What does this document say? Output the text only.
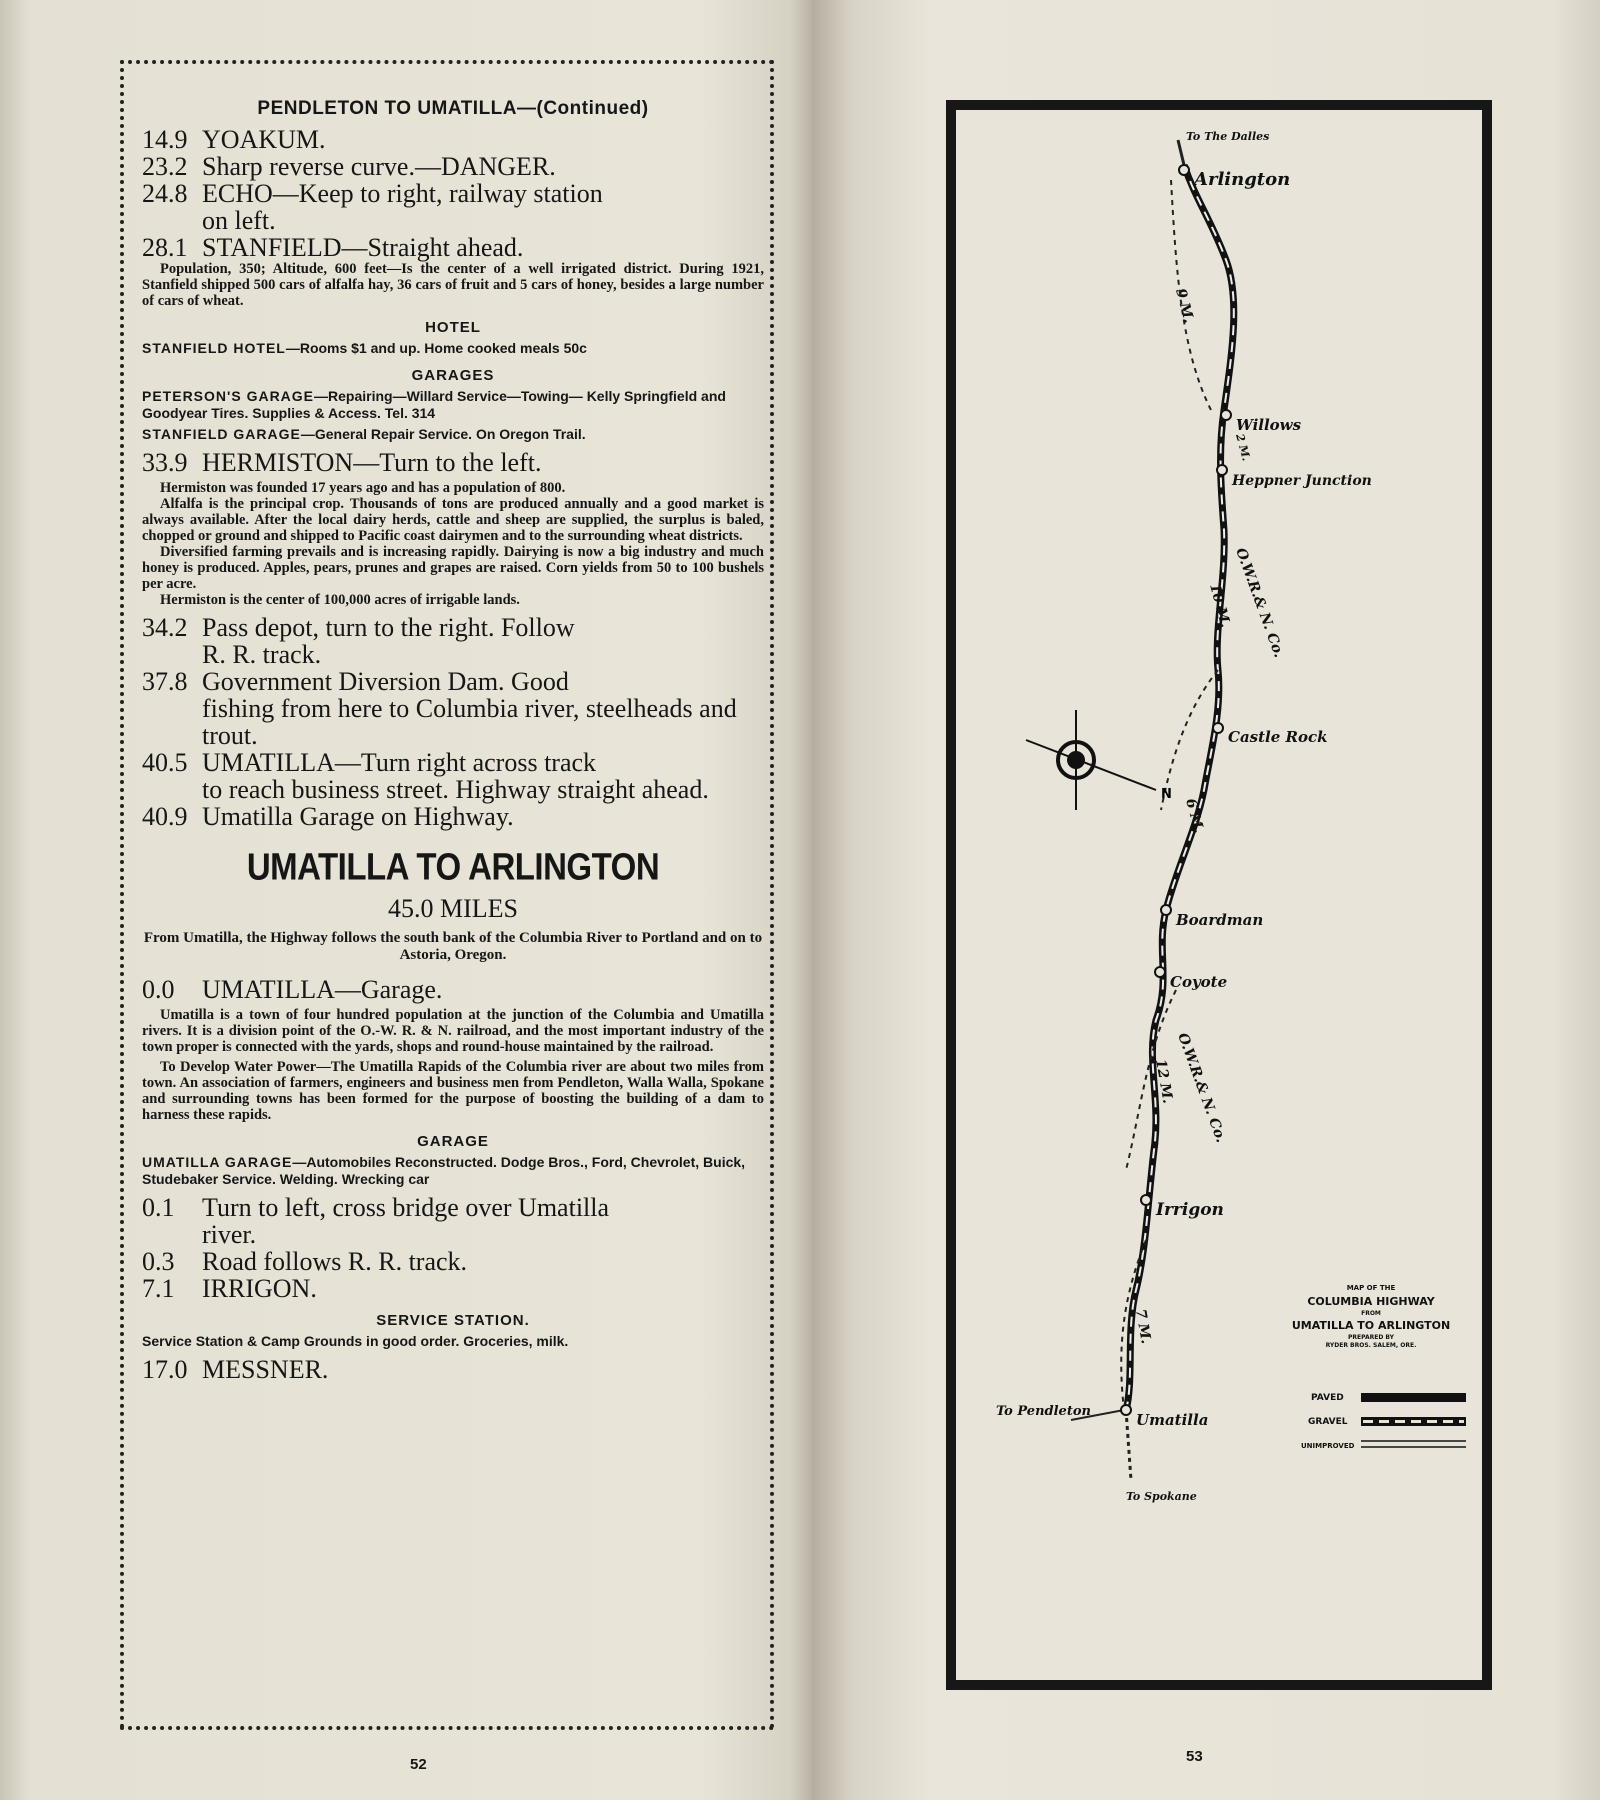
PENDLETON TO UMATILLA—(Continued)

14.9 YOAKUM.

23.2 Sharp reverse curve.—DANGER.

24.8 ECHO—Keep to right, railway station
on left.

28.1 STANFIELD—Straight ahead.

Population, 350; Altitude, 600 feet—Is the center of a well irrigated district. During 1921, Stanfield shipped 500 cars of alfalfa hay, 36 cars of fruit and 5 cars of honey, besides a large number of cars of wheat.

HOTEL

STANFIELD HOTEL—Rooms $1 and up. Home cooked meals 50c

GARAGES

PETERSON'S GARAGE—Repairing—Willard Service—Towing— Kelly Springfield and Goodyear Tires. Supplies & Access. Tel. 314

STANFIELD GARAGE—General Repair Service. On Oregon Trail.

33.9 HERMISTON—Turn to the left.

Hermiston was founded 17 years ago and has a population of 800.

Alfalfa is the principal crop. Thousands of tons are produced annually and a good market is always available. After the local dairy herds, cattle and sheep are supplied, the surplus is baled, chopped or ground and shipped to Pacific coast dairymen and to the surrounding wheat districts.

Diversified farming prevails and is increasing rapidly. Dairying is now a big industry and much honey is produced. Apples, pears, prunes and grapes are raised. Corn yields from 50 to 100 bushels per acre.

Hermiston is the center of 100,000 acres of irrigable lands.

34.2 Pass depot, turn to the right. Follow
R. R. track.

37.8 Government Diversion Dam. Good
fishing from here to Columbia river, steelheads and trout.

40.5 UMATILLA—Turn right across track
to reach business street. Highway straight ahead.

40.9 Umatilla Garage on Highway.

UMATILLA TO ARLINGTON

45.0 MILES

From Umatilla, the Highway follows the south bank of the Columbia River to Portland and on to Astoria, Oregon.

0.0 UMATILLA—Garage.

Umatilla is a town of four hundred population at the junction of the Columbia and Umatilla rivers. It is a division point of the O.-W. R. & N. railroad, and the most important industry of the town proper is connected with the yards, shops and round-house maintained by the railroad.

To Develop Water Power—The Umatilla Rapids of the Columbia river are about two miles from town. An association of farmers, engineers and business men from Pendleton, Walla Walla, Spokane and surrounding towns has been formed for the purpose of boosting the building of a dam to harness these rapids.

GARAGE

UMATILLA GARAGE—Automobiles Reconstructed. Dodge Bros., Ford, Chevrolet, Buick, Studebaker Service. Welding. Wrecking car

0.1 Turn to left, cross bridge over Umatilla
river.

0.3 Road follows R. R. track.

7.1 IRRIGON.

SERVICE STATION.

Service Station & Camp Grounds in good order. Groceries, milk.

17.0 MESSNER.

52
N
Arlington
To The Dalles
Willows
Heppner Junction
Castle Rock
Boardman
Coyote
Irrigon
Umatilla
To Pendleton
To Spokane
O.W.R.& N. Co.
O.W.R.& N. Co.
9 M.
2 M.
10 M.
6 M.
12 M.
7 M.
MAP OF THE
COLUMBIA HIGHWAY
FROM
UMATILLA TO ARLINGTON
PREPARED BY
RYDER BROS. SALEM, ORE.
PAVED
GRAVEL
UNIMPROVED
53
